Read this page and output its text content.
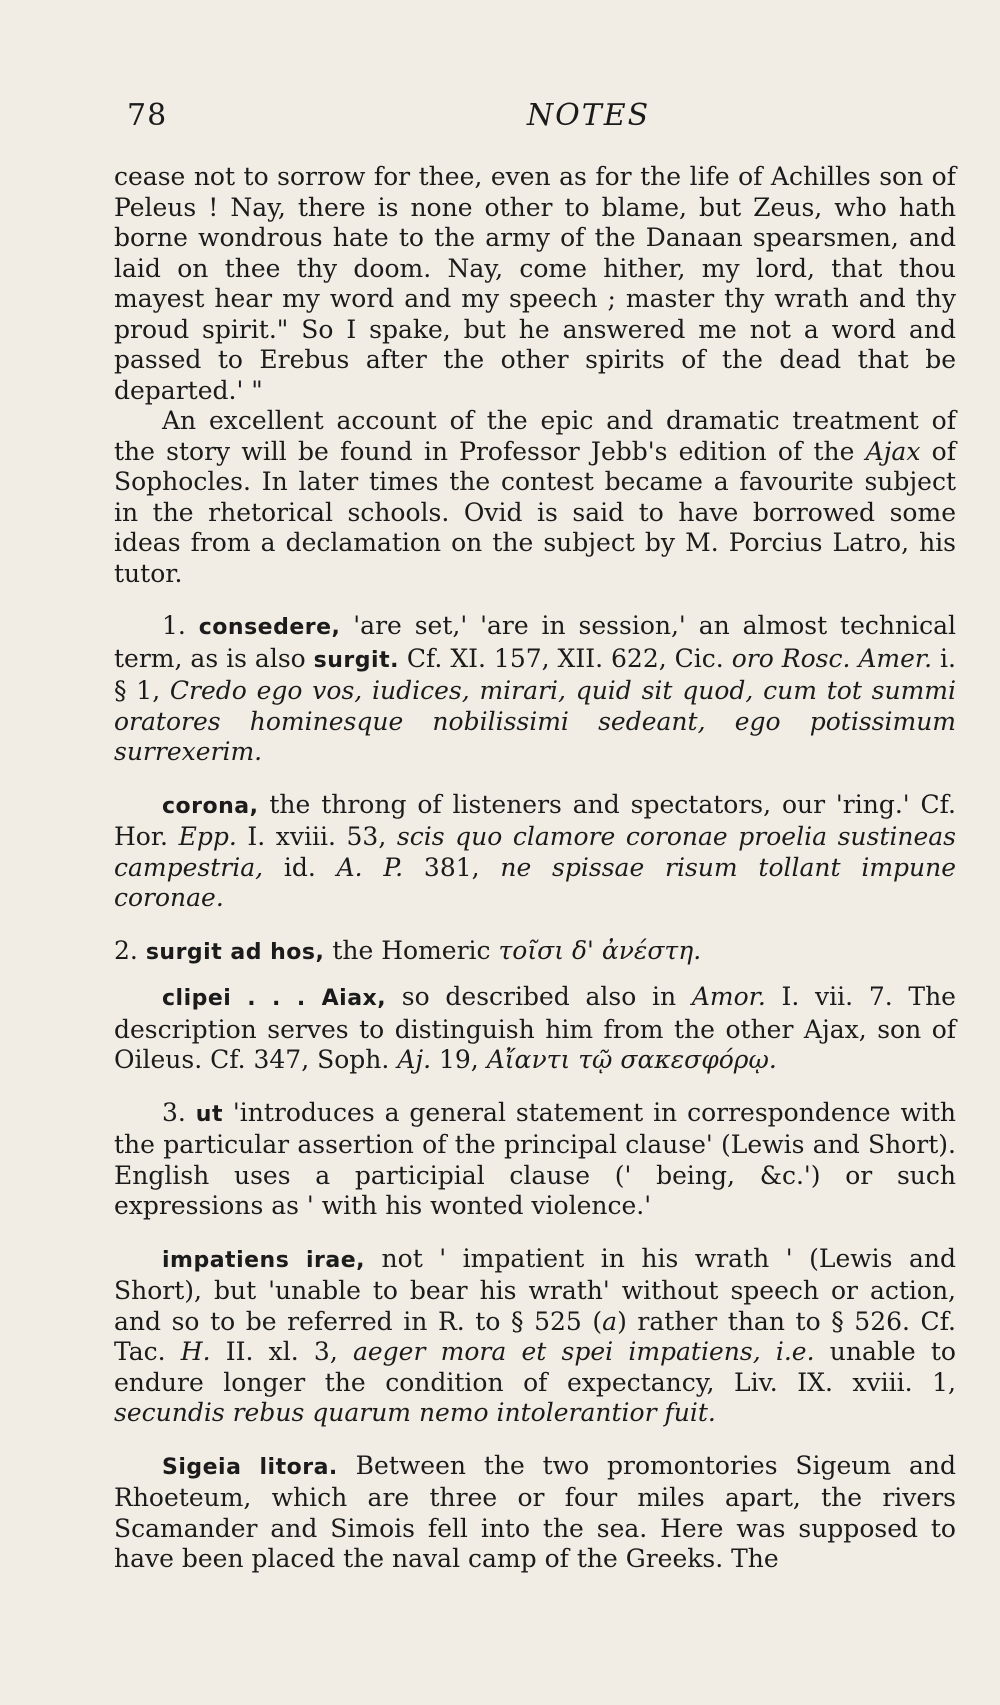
78	NOTES

cease not to sorrow for thee, even as for the life of Achilles son of Peleus ! Nay, there is none other to blame, but Zeus, who hath borne wondrous hate to the army of the Danaan spearsmen, and laid on thee thy doom. Nay, come hither, my lord, that thou mayest hear my word and my speech ; master thy wrath and thy proud spirit." So I spake, but he answered me not a word and passed to Erebus after the other spirits of the dead that be departed.' "

An excellent account of the epic and dramatic treatment of the story will be found in Professor Jebb's edition of the Ajax of Sophocles. In later times the contest became a favourite subject in the rhetorical schools. Ovid is said to have borrowed some ideas from a declamation on the subject by M. Porcius Latro, his tutor.

1. consedere, 'are set,' 'are in session,' an almost technical term, as is also surgit. Cf. XI. 157, XII. 622, Cic. oro Rosc. Amer. i. § 1, Credo ego vos, iudices, mirari, quid sit quod, cum tot summi oratores hominesque nobilissimi sedeant, ego potissimum surrexerim.

corona, the throng of listeners and spectators, our 'ring.' Cf. Hor. Epp. I. xviii. 53, scis quo clamore coronae proelia sustineas campestria, id. A. P. 381, ne spissae risum tollant impune coronae.

2. surgit ad hos, the Homeric τοῖσι δ' ἀνέστη.

clipei . . . Aiax, so described also in Amor. I. vii. 7. The description serves to distinguish him from the other Ajax, son of Oileus. Cf. 347, Soph. Aj. 19, Αἴαντι τῷ σακεσφόρῳ.

3. ut 'introduces a general statement in correspondence with the particular assertion of the principal clause' (Lewis and Short). English uses a participial clause (' being, &c.') or such expressions as ' with his wonted violence.'

impatiens irae, not ' impatient in his wrath ' (Lewis and Short), but 'unable to bear his wrath' without speech or action, and so to be referred in R. to § 525 (a) rather than to § 526. Cf. Tac. H. II. xl. 3, aeger mora et spei impatiens, i.e. unable to endure longer the condition of expectancy, Liv. IX. xviii. 1, secundis rebus quarum nemo intolerantior fuit.

Sigeia litora. Between the two promontories Sigeum and Rhoeteum, which are three or four miles apart, the rivers Scamander and Simois fell into the sea. Here was supposed to have been placed the naval camp of the Greeks. The
